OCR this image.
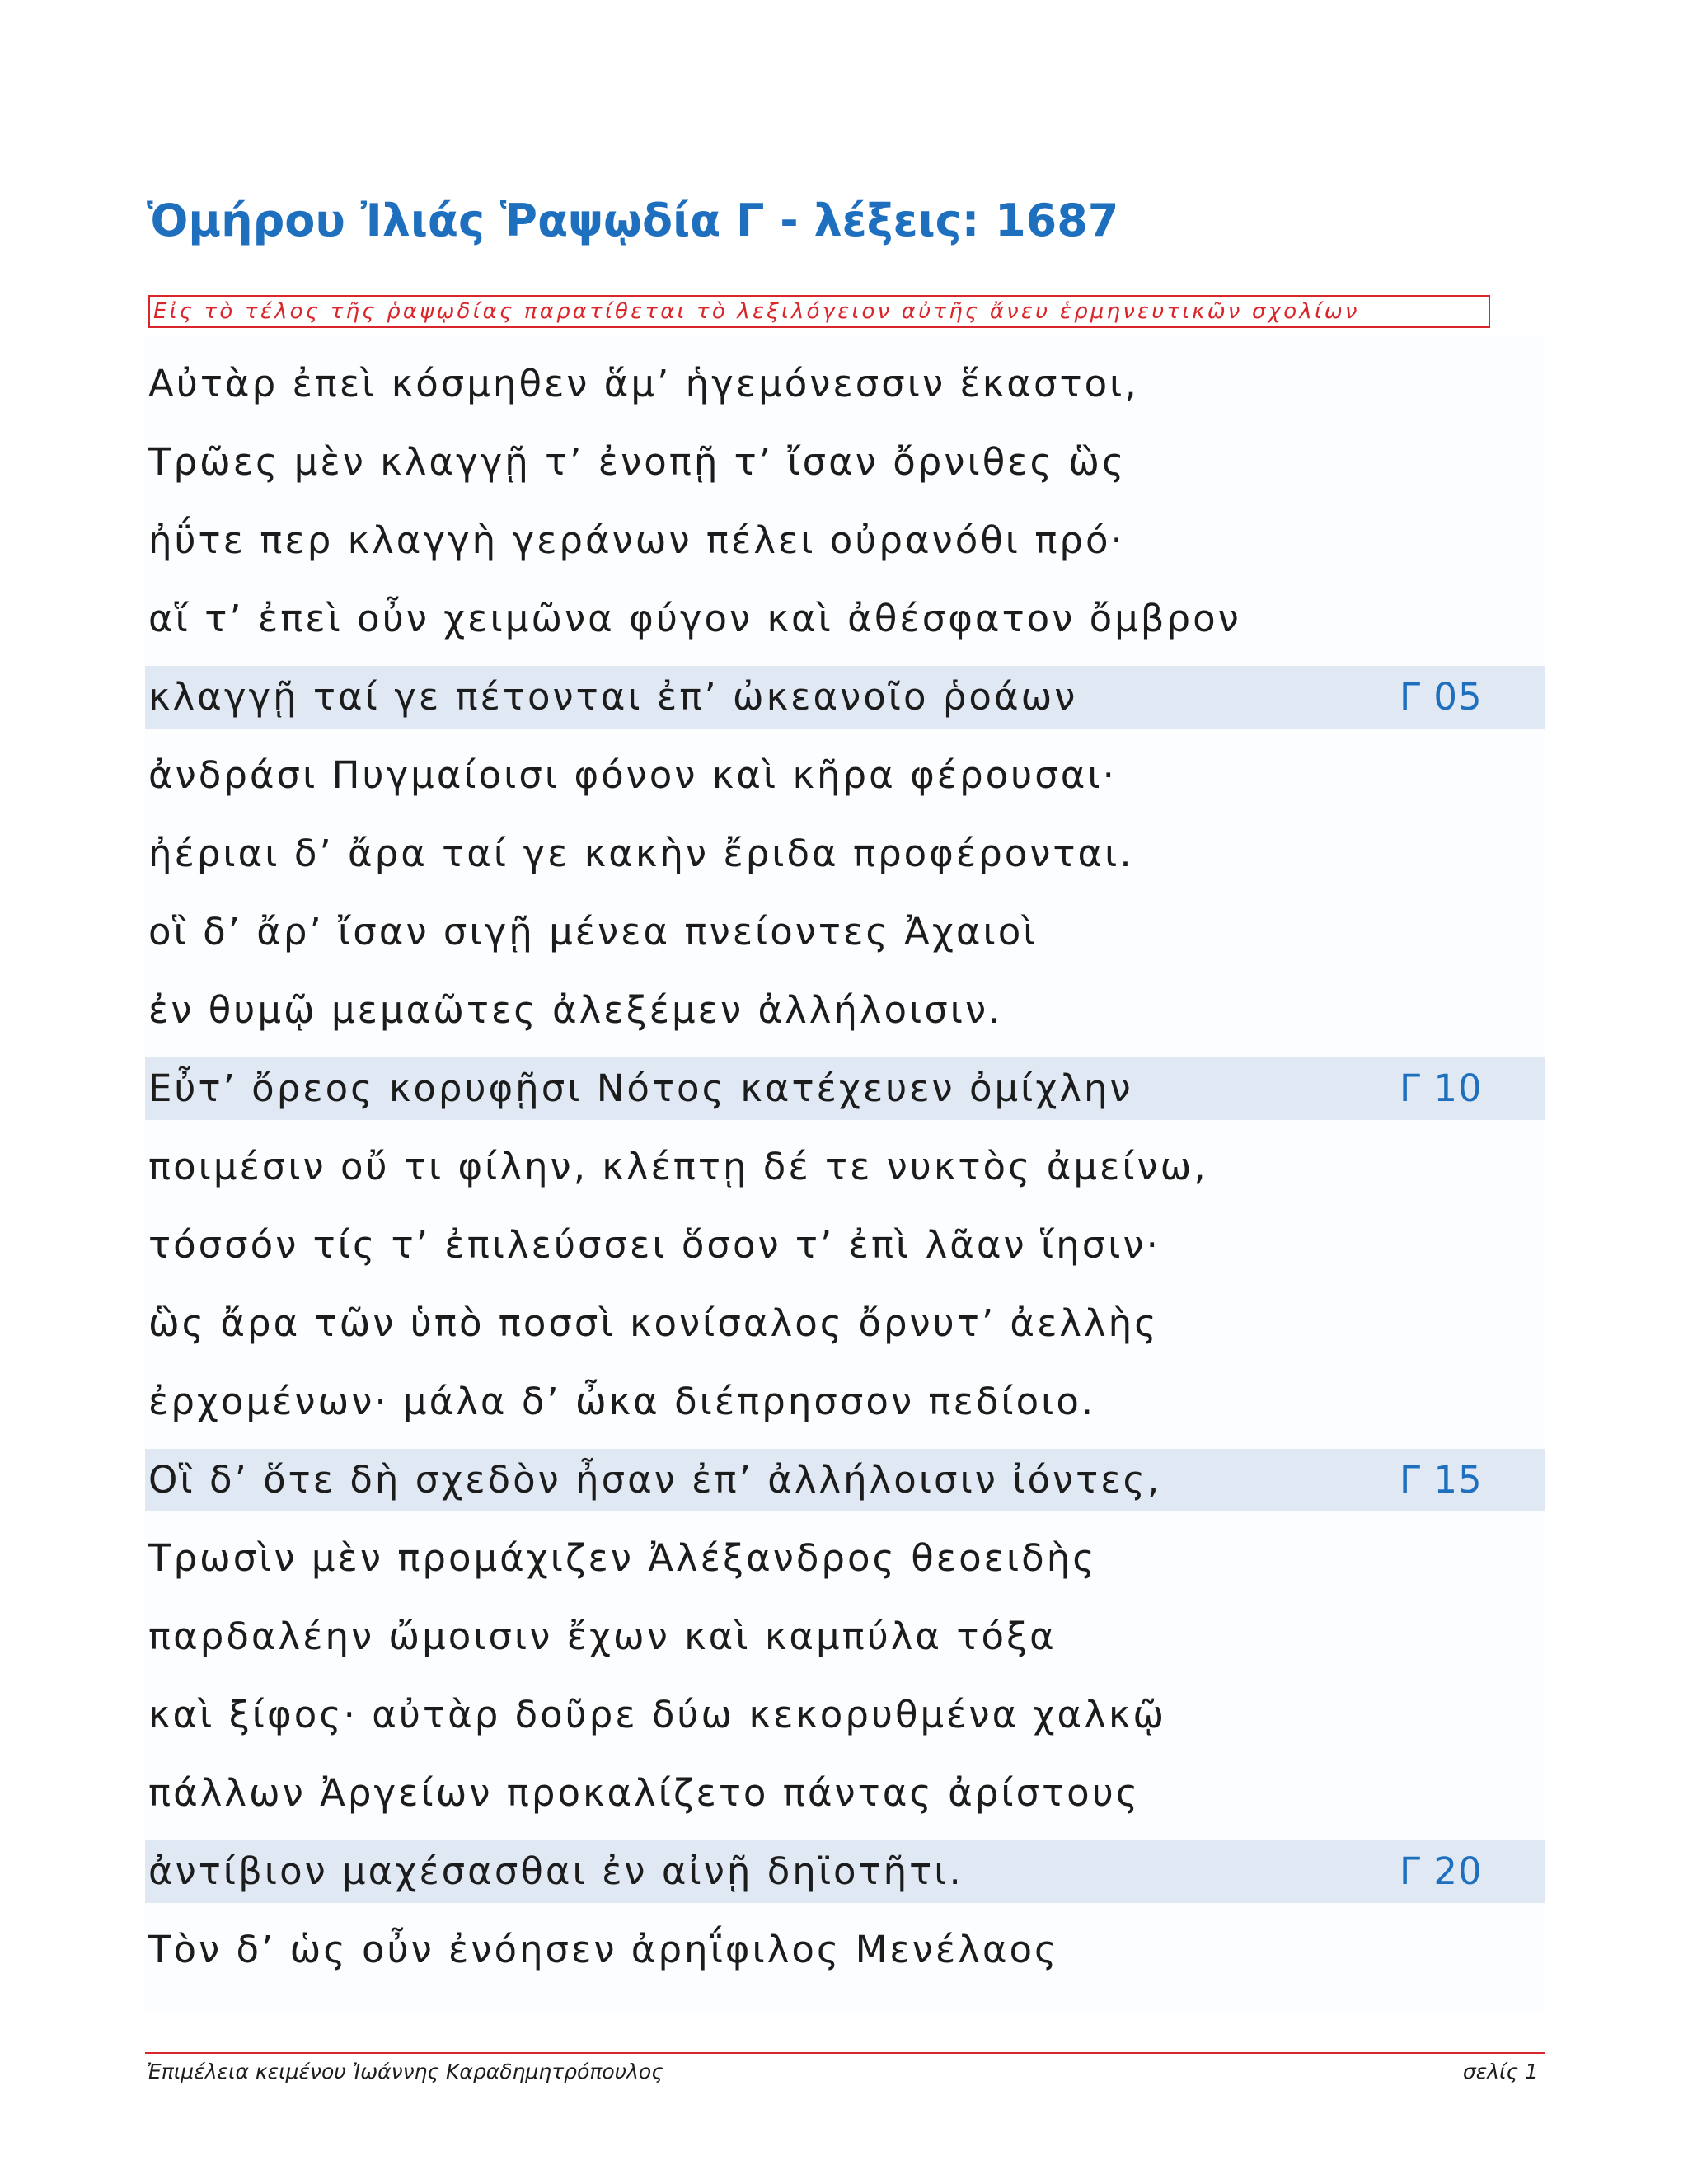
Ὁμήρου Ἰλιάς Ῥαψῳδία Γ - λέξεις: 1687
Εἰς τὸ τέλος τῆς ῥαψῳδίας παρατίθεται τὸ λεξιλόγειον αὐτῆς ἄνευ ἑρμηνευτικῶν σχολίων
Αὐτὰρ ἐπεὶ κόσμηθεν ἅμ’ ἡγεμόνεσσιν ἕκαστοι,
Τρῶες μὲν κλαγγῇ τ’ ἐνοπῇ τ’ ἴσαν ὄρνιθες ὣς
ἠΰτε περ κλαγγὴ γεράνων πέλει οὐρανόθι πρό·
αἵ τ’ ἐπεὶ οὖν χειμῶνα φύγον καὶ ἀθέσφατον ὄμβρον
κλαγγῇ ταί γε πέτονται ἐπ’ ὠκεανοῖο ῥοάων	Γ 05
ἀνδράσι Πυγμαίοισι φόνον καὶ κῆρα φέρουσαι·
ἠέριαι δ’ ἄρα ταί γε κακὴν ἔριδα προφέρονται.
οἳ δ’ ἄρ’ ἴσαν σιγῇ μένεα πνείοντες Ἀχαιοὶ
ἐν θυμῷ μεμαῶτες ἀλεξέμεν ἀλλήλοισιν.
Εὖτ’ ὄρεος κορυφῇσι Νότος κατέχευεν ὀμίχλην	Γ 10
ποιμέσιν οὔ τι φίλην, κλέπτῃ δέ τε νυκτὸς ἀμείνω,
τόσσόν τίς τ’ ἐπιλεύσσει ὅσον τ’ ἐπὶ λᾶαν ἵησιν·
ὣς ἄρα τῶν ὑπὸ ποσσὶ κονίσαλος ὄρνυτ’ ἀελλὴς
ἐρχομένων· μάλα δ’ ὦκα διέπρησσον πεδίοιο.
Οἳ δ’ ὅτε δὴ σχεδὸν ἦσαν ἐπ’ ἀλλήλοισιν ἰόντες,	Γ 15
Τρωσὶν μὲν προμάχιζεν Ἀλέξανδρος θεοειδὴς
παρδαλέην ὤμοισιν ἔχων καὶ καμπύλα τόξα
καὶ ξίφος· αὐτὰρ δοῦρε δύω κεκορυθμένα χαλκῷ
πάλλων Ἀργείων προκαλίζετο πάντας ἀρίστους
ἀντίβιον μαχέσασθαι ἐν αἰνῇ δηϊοτῆτι.	Γ 20
Τὸν δ’ ὡς οὖν ἐνόησεν ἀρηΐφιλος Μενέλαος
Ἐπιμέλεια κειμένου Ἰωάννης Καραδημητρόπουλος	σελίς 1
